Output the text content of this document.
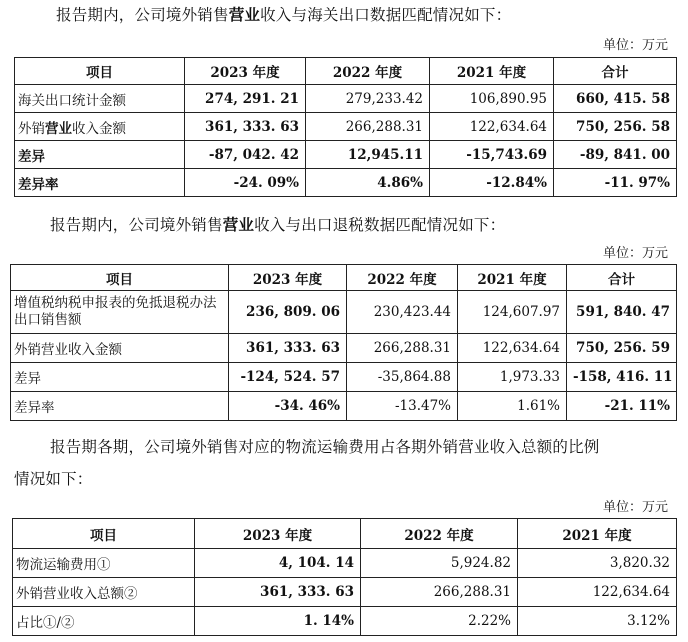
报告期内，公司境外销售营业收入与海关出口数据匹配情况如下：
单位：万元
项目	2023 年度	2022 年度	2021 年度	合计
海关出口统计金额	274, 291. 21	279,233.42	106,890.95	660, 415. 58
外销营业收入金额	361, 333. 63	266,288.31	122,634.64	750, 256. 58
差异	-87, 042. 42	12,945.11	-15,743.69	-89, 841. 00
差异率	-24. 09%	4.86%	-12.84%	-11. 97%
报告期内，公司境外销售营业收入与出口退税数据匹配情况如下：
单位：万元
项目	2023 年度	2022 年度	2021 年度	合计
增值税纳税申报表的免抵退税办法出口销售额	236, 809. 06	230,423.44	124,607.97	591, 840. 47
外销营业收入金额	361, 333. 63	266,288.31	122,634.64	750, 256. 59
差异	-124, 524. 57	-35,864.88	1,973.33	-158, 416. 11
差异率	-34. 46%	-13.47%	1.61%	-21. 11%
报告期各期，公司境外销售对应的物流运输费用占各期外销营业收入总额的比例
情况如下：
单位：万元
项目	2023 年度	2022 年度	2021 年度
物流运输费用①	4, 104. 14	5,924.82	3,820.32
外销营业收入总额②	361, 333. 63	266,288.31	122,634.64
占比①/②	1. 14%	2.22%	3.12%
